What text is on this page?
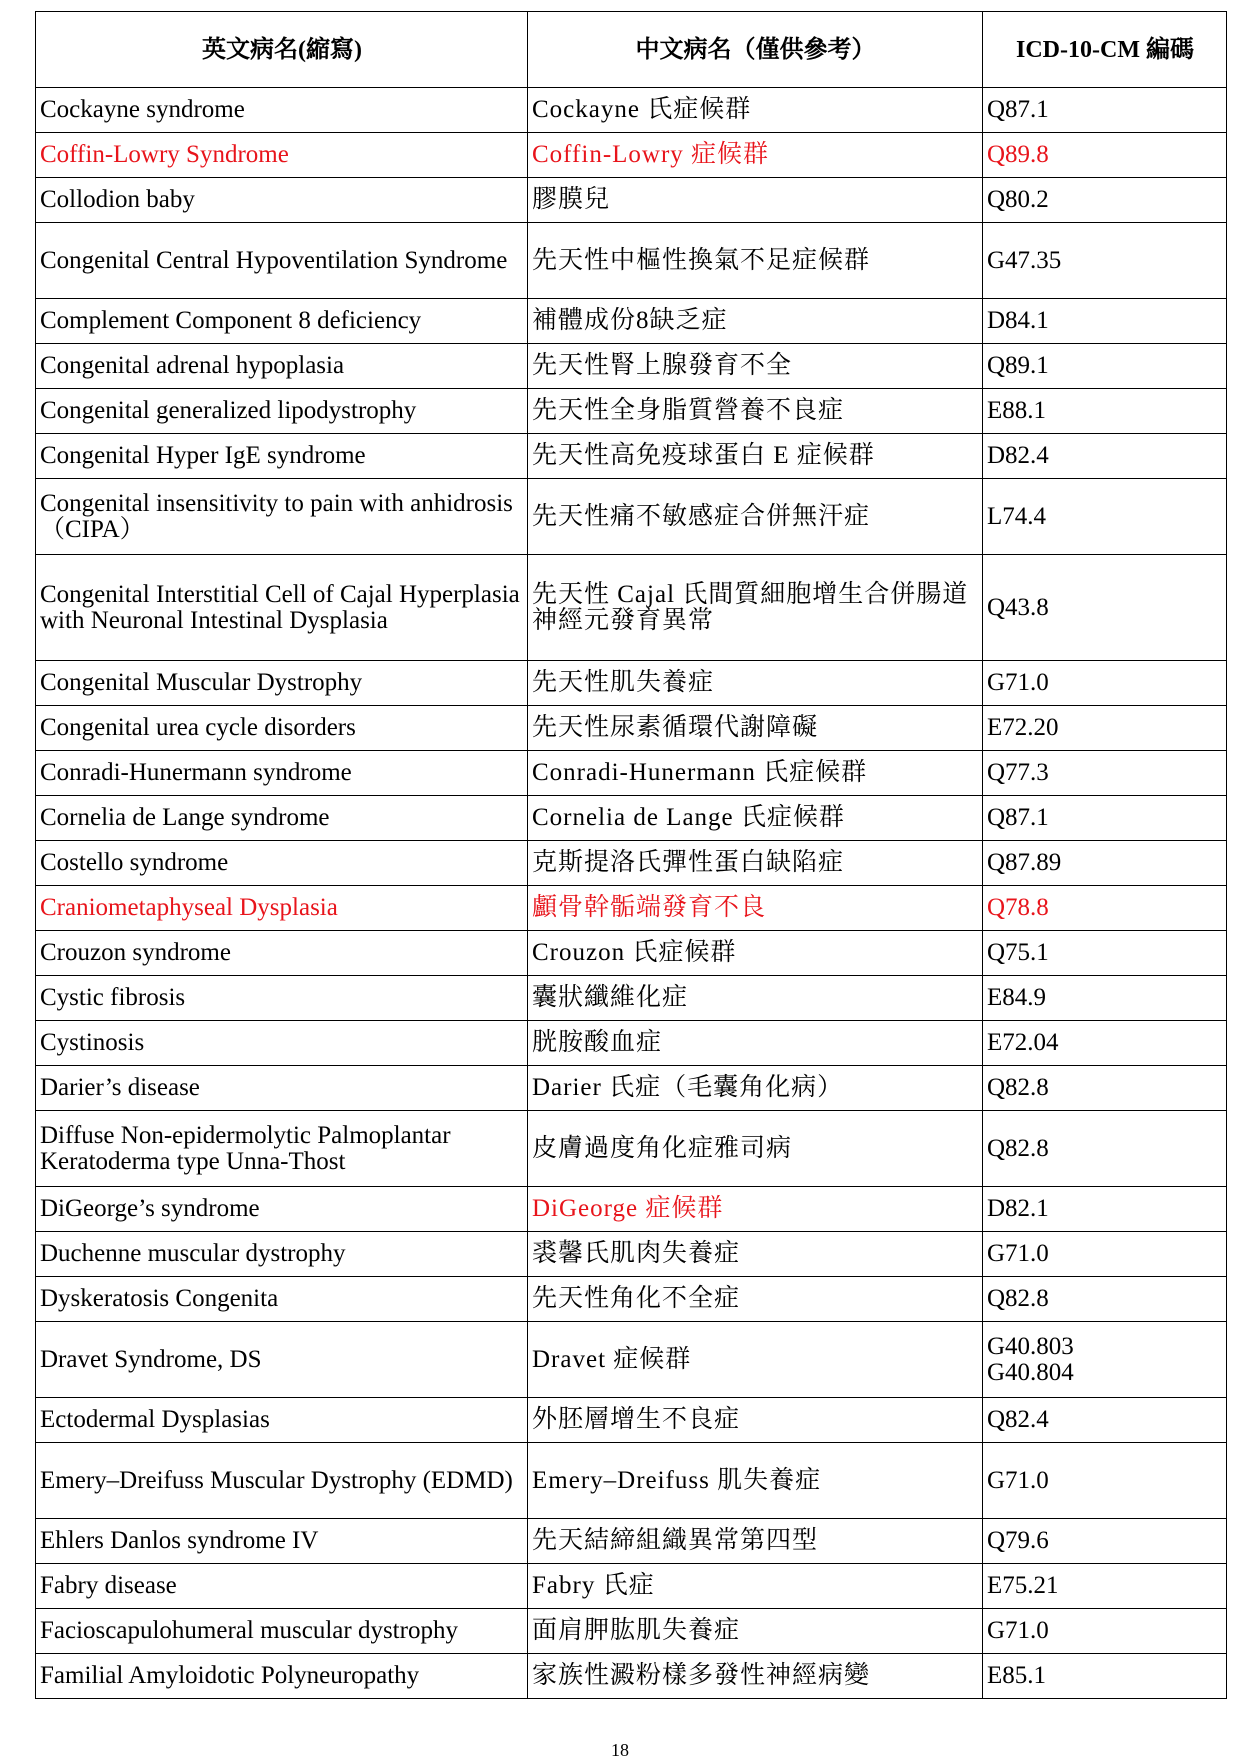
英文病名(縮寫)	中文病名（僅供參考）	ICD-10-CM 編碼
Cockayne syndrome	Cockayne 氏症候群	Q87.1

Coffin-Lowry Syndrome	Coffin-Lowry 症候群	Q89.8

Collodion baby	膠膜兒	Q80.2

Congenital Central Hypoventilation Syndrome	先天性中樞性換氣不足症候群	G47.35

Complement Component 8 deficiency	補體成份8缺乏症	D84.1

Congenital adrenal hypoplasia	先天性腎上腺發育不全	Q89.1

Congenital generalized lipodystrophy	先天性全身脂質營養不良症	E88.1

Congenital Hyper IgE syndrome	先天性高免疫球蛋白 E 症候群	D82.4

Congenital insensitivity to pain with anhidrosis（CIPA）	先天性痛不敏感症合併無汗症	L74.4

Congenital Interstitial Cell of Cajal Hyperplasia with Neuronal Intestinal Dysplasia	先天性 Cajal 氏間質細胞增生合併腸道神經元發育異常	Q43.8

Congenital Muscular Dystrophy	先天性肌失養症	G71.0

Congenital urea cycle disorders	先天性尿素循環代謝障礙	E72.20

Conradi-Hunermann syndrome	Conradi-Hunermann 氏症候群	Q77.3

Cornelia de Lange syndrome	Cornelia de Lange 氏症候群	Q87.1

Costello syndrome	克斯提洛氏彈性蛋白缺陷症	Q87.89

Craniometaphyseal Dysplasia	顱骨幹骺端發育不良	Q78.8

Crouzon syndrome	Crouzon 氏症候群	Q75.1

Cystic fibrosis	囊狀纖維化症	E84.9

Cystinosis	胱胺酸血症	E72.04

Darier’s disease	Darier 氏症（毛囊角化病）	Q82.8

Diffuse Non-epidermolytic Palmoplantar Keratoderma type Unna-Thost	皮膚過度角化症雅司病	Q82.8

DiGeorge’s syndrome	DiGeorge 症候群	D82.1

Duchenne muscular dystrophy	裘馨氏肌肉失養症	G71.0

Dyskeratosis Congenita	先天性角化不全症	Q82.8

Dravet Syndrome, DS	Dravet 症候群	G40.803
G40.804

Ectodermal Dysplasias	外胚層增生不良症	Q82.4

Emery–Dreifuss Muscular Dystrophy (EDMD)	Emery–Dreifuss 肌失養症	G71.0

Ehlers Danlos syndrome IV	先天結締組織異常第四型	Q79.6

Fabry disease	Fabry 氏症	E75.21

Facioscapulohumeral muscular dystrophy	面肩胛肱肌失養症	G71.0

Familial Amyloidotic Polyneuropathy	家族性澱粉樣多發性神經病變	E85.1
18
